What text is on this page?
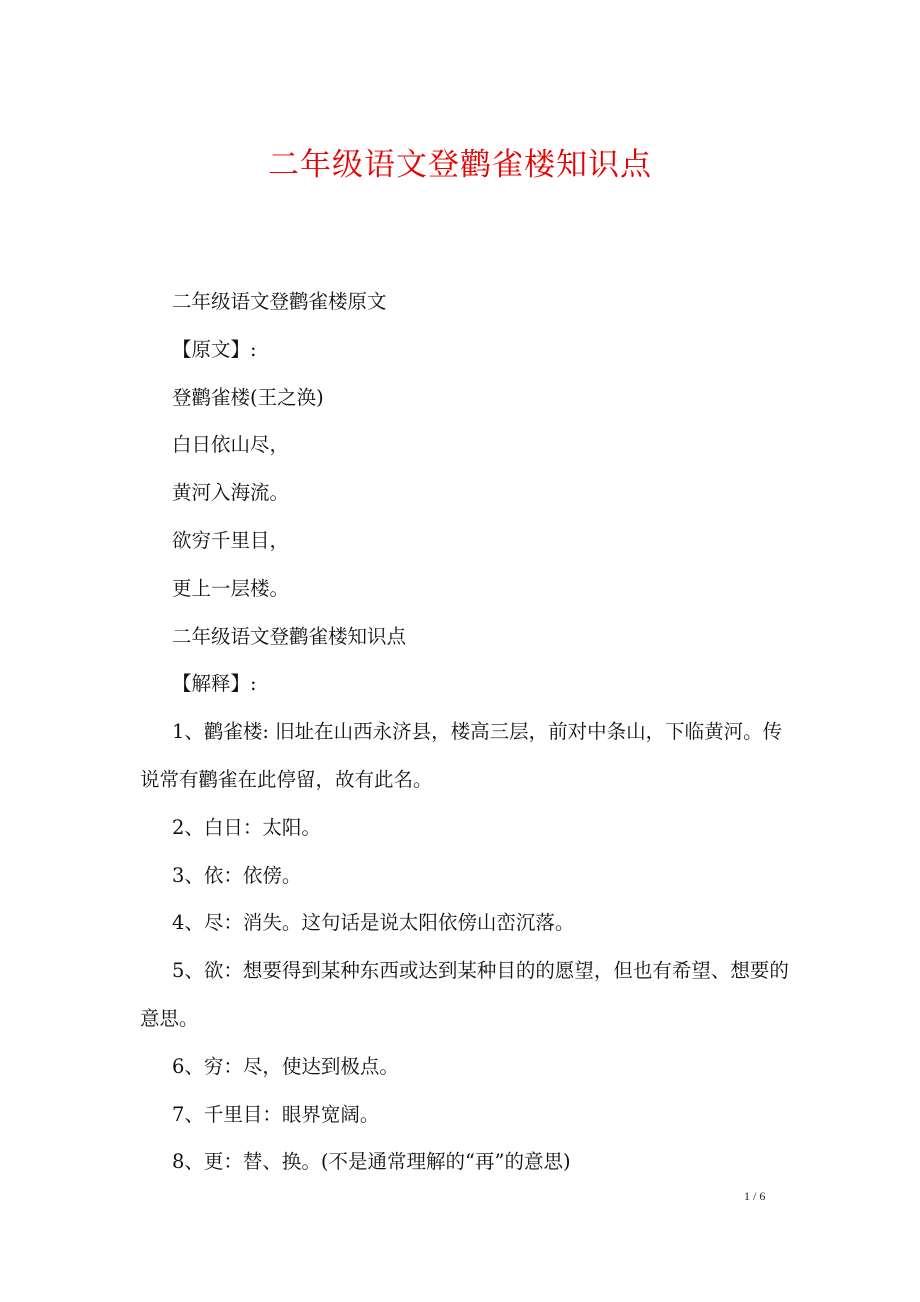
二年级语文登鹳雀楼知识点

二年级语文登鹳雀楼原文

【原文】:

登鹳雀楼(王之涣)

白日依山尽，

黄河入海流。

欲穷千里目，

更上一层楼。

二年级语文登鹳雀楼知识点

【解释】:

1、鹳雀楼: 旧址在山西永济县，楼高三层，前对中条山，下临黄河。传说常有鹳雀在此停留，故有此名。

2、白日：太阳。

3、依：依傍。

4、尽：消失。这句话是说太阳依傍山峦沉落。

5、欲：想要得到某种东西或达到某种目的的愿望，但也有希望、想要的意思。

6、穷：尽，使达到极点。

7、千里目：眼界宽阔。

8、更：替、换。(不是通常理解的“再”的意思)

1 / 6
